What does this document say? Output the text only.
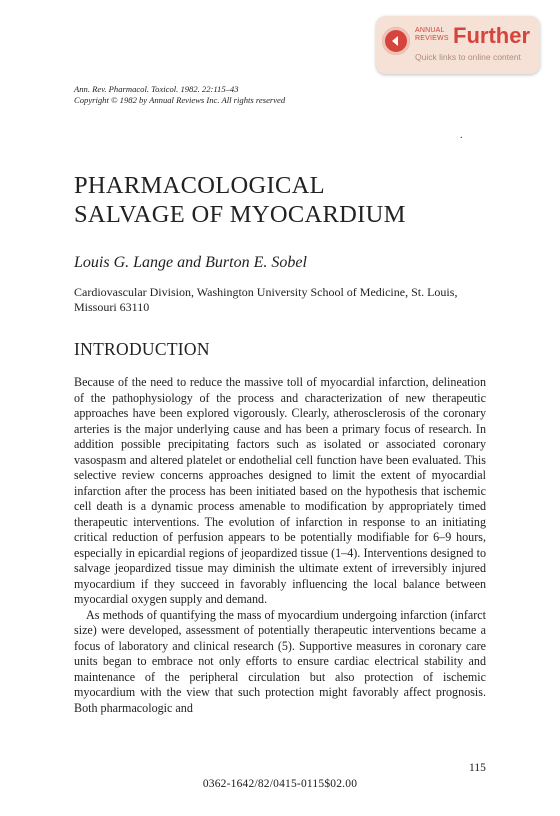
ANNUAL
REVIEWS Further
Quick links to online content
Ann. Rev. Pharmacol. Toxicol. 1982. 22:115–43
Copyright © 1982 by Annual Reviews Inc. All rights reserved
.
PHARMACOLOGICAL
SALVAGE OF MYOCARDIUM
Louis G. Lange and Burton E. Sobel
Cardiovascular Division, Washington University School of Medicine, St. Louis, Missouri 63110
INTRODUCTION

Because of the need to reduce the massive toll of myocardial infarction, delineation of the pathophysiology of the process and characterization of new therapeutic approaches have been explored vigorously. Clearly, atherosclerosis of the coronary arteries is the major underlying cause and has been a primary focus of research. In addition possible precipitating factors such as isolated or associated coronary vasospasm and altered platelet or endothelial cell function have been evaluated. This selective review concerns approaches designed to limit the extent of myocardial infarction after the process has been initiated based on the hypothesis that ischemic cell death is a dynamic process amenable to modification by appropriately timed therapeutic interventions. The evolution of infarction in response to an initiating critical reduction of perfusion appears to be potentially modifiable for 6–9 hours, especially in epicardial regions of jeopardized tissue (1–4). Interventions designed to salvage jeopardized tissue may diminish the ultimate extent of irreversibly injured myocardium if they succeed in favorably influencing the local balance between myocardial oxygen supply and demand.

As methods of quantifying the mass of myocardium undergoing infarction (infarct size) were developed, assessment of potentially therapeutic interventions became a focus of laboratory and clinical research (5). Supportive measures in coronary care units began to embrace not only efforts to ensure cardiac electrical stability and maintenance of the peripheral circulation but also protection of ischemic myocardium with the view that such protection might favorably affect prognosis. Both pharmacologic and

115
0362-1642/82/0415-0115$02.00
